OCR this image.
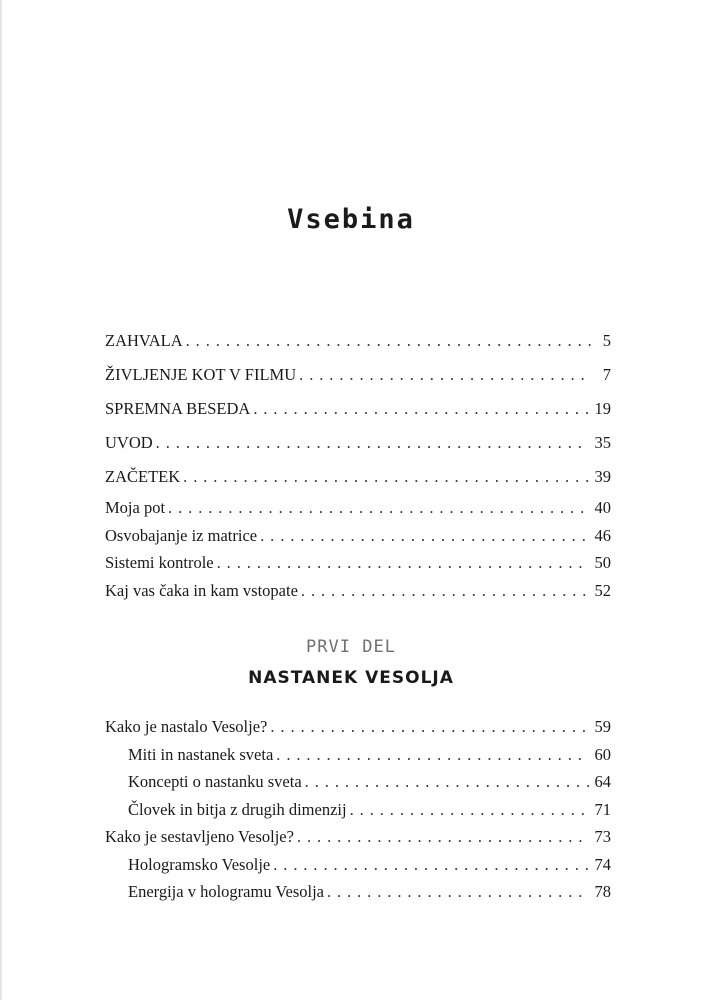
Vsebina
ZAHVALA . . .	5
ŽIVLJENJE KOT V FILMU . . .	7
SPREMNA BESEDA . . .	19
UVOD . . .	35
ZAČETEK . . .	39
Moja pot . . .	40
Osvobajanje iz matrice . . .	46
Sistemi kontrole . . .	50
Kaj vas čaka in kam vstopate . . .	52
PRVI DEL
NASTANEK VESOLJA
Kako je nastalo Vesolje? . . .	59
Miti in nastanek sveta . . .	60
Koncepti o nastanku sveta . . .	64
Človek in bitja z drugih dimenzij . . .	71
Kako je sestavljeno Vesolje? . . .	73
Hologramsko Vesolje . . .	74
Energija v hologramu Vesolja . . .	78
